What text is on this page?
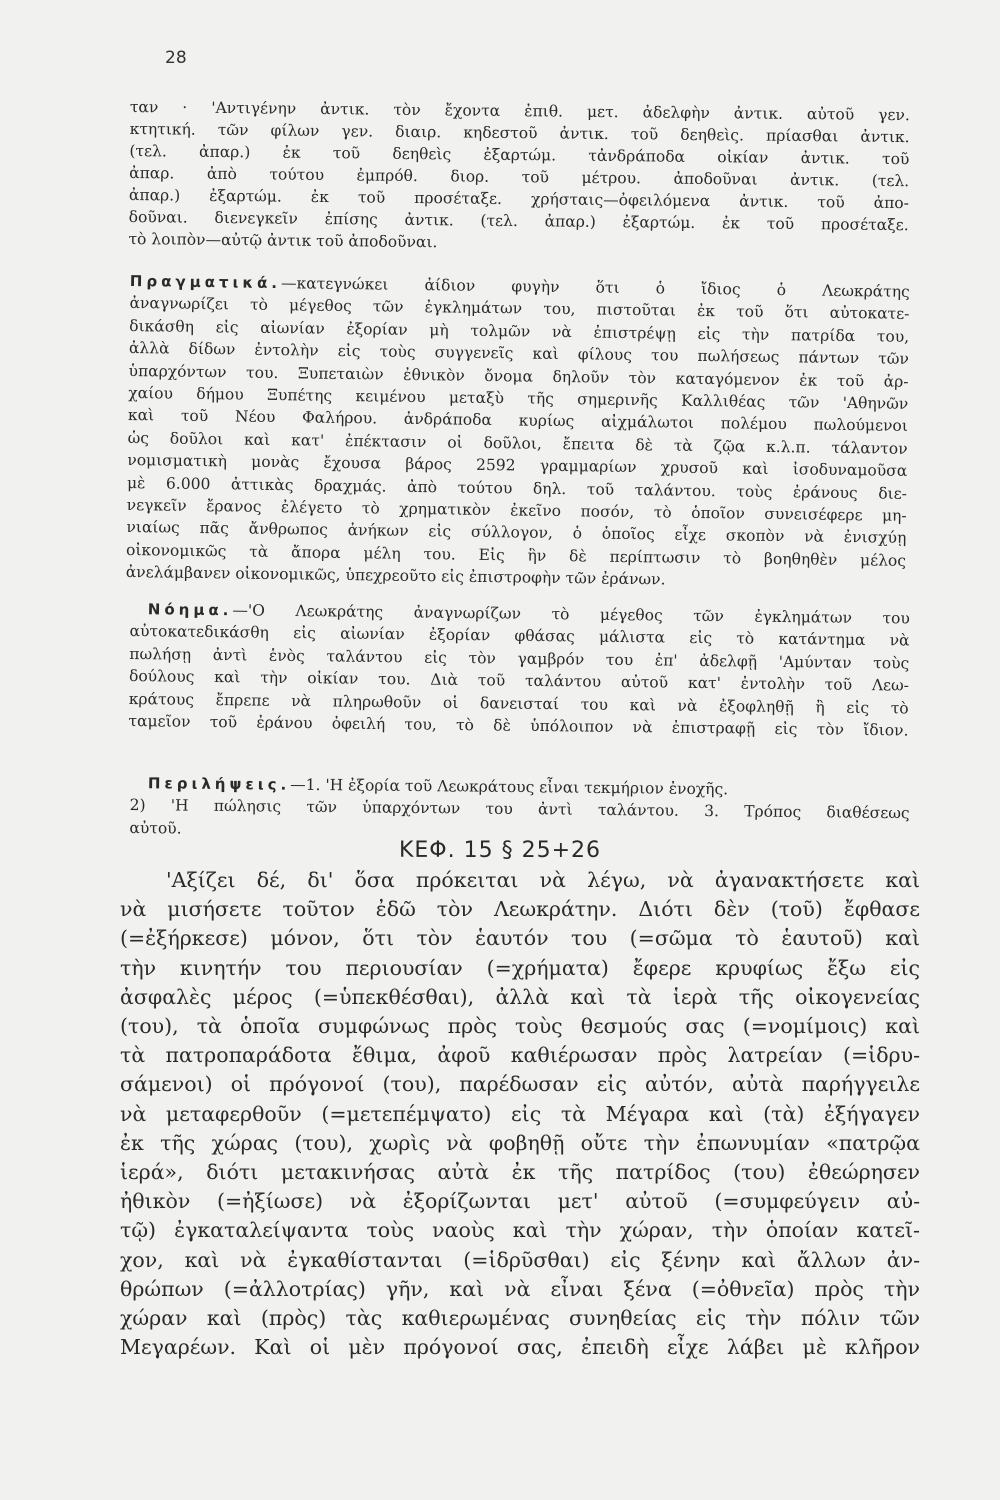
28
ταν · 'Αντιγένην ἀντικ. τὸν ἔχοντα ἐπιθ. μετ. ἀδελφὴν ἀντικ. αὐτοῦ γεν.
κτητική. τῶν φίλων γεν. διαιρ. κηδεστοῦ ἀντικ. τοῦ δεηθεὶς. πρίασθαι ἀντικ.
(τελ. ἀπαρ.) ἐκ τοῦ δεηθεὶς ἐξαρτώμ. τἀνδράποδα οἰκίαν ἀντικ. τοῦ
ἀπαρ. ἀπὸ τούτου ἐμπρόθ. διορ. τοῦ μέτρου. ἀποδοῦναι ἀντικ. (τελ.
ἀπαρ.) ἐξαρτώμ. ἐκ τοῦ προσέταξε. χρήσταις—ὀφειλόμενα ἀντικ. τοῦ ἀπο-
δοῦναι. διενεγκεῖν ἐπίσης ἀντικ. (τελ. ἀπαρ.) ἐξαρτώμ. ἐκ τοῦ προσέταξε.
τὸ λοιπὸν—αὐτῷ ἀντικ τοῦ ἀποδοῦναι.
Πραγματικά.—κατεγνώκει ἀίδιον φυγὴν ὅτι ὁ ἴδιος ὁ Λεωκράτης
ἀναγνωρίζει τὸ μέγεθος τῶν ἐγκλημάτων του, πιστοῦται ἐκ τοῦ ὅτι αὐτοκατε-
δικάσθη εἰς αἰωνίαν ἐξορίαν μὴ τολμῶν νὰ ἐπιστρέψῃ εἰς τὴν πατρίδα του,
ἀλλὰ δίδων ἐντολὴν εἰς τοὺς συγγενεῖς καὶ φίλους του πωλήσεως πάντων τῶν
ὑπαρχόντων του. Ξυπεταιὼν ἐθνικὸν ὄνομα δηλοῦν τὸν καταγόμενον ἐκ τοῦ ἀρ-
χαίου δήμου Ξυπέτης κειμένου μεταξὺ τῆς σημερινῆς Καλλιθέας τῶν 'Αθηνῶν
καὶ τοῦ Νέου Φαλήρου. ἀνδράποδα κυρίως αἰχμάλωτοι πολέμου πωλούμενοι
ὡς δοῦλοι καὶ κατ' ἐπέκτασιν οἱ δοῦλοι, ἔπειτα δὲ τὰ ζῷα κ.λ.π. τάλαντον
νομισματικὴ μονὰς ἔχουσα βάρος 2592 γραμμαρίων χρυσοῦ καὶ ἰσοδυναμοῦσα
μὲ 6.000 ἀττικὰς δραχμάς. ἀπὸ τούτου δηλ. τοῦ ταλάντου. τοὺς ἐράνους διε-
νεγκεῖν ἔρανος ἐλέγετο τὸ χρηματικὸν ἐκεῖνο ποσόν, τὸ ὁποῖον συνεισέφερε μη-
νιαίως πᾶς ἄνθρωπος ἀνήκων εἰς σύλλογον, ὁ ὁποῖος εἶχε σκοπὸν νὰ ἐνισχύῃ
οἰκονομικῶς τὰ ἄπορα μέλη του. Εἰς ἣν δὲ περίπτωσιν τὸ βοηθηθὲν μέλος
ἀνελάμβανεν οἰκονομικῶς, ὑπεχρεοῦτο εἰς ἐπιστροφὴν τῶν ἐράνων.
Νόημα.—'Ο Λεωκράτης ἀναγνωρίζων τὸ μέγεθος τῶν ἐγκλημάτων του
αὐτοκατεδικάσθη εἰς αἰωνίαν ἐξορίαν φθάσας μάλιστα εἰς τὸ κατάντημα νὰ
πωλήσῃ ἀντὶ ἑνὸς ταλάντου εἰς τὸν γαμβρόν του ἐπ' ἀδελφῇ 'Αμύνταν τοὺς
δούλους καὶ τὴν οἰκίαν του. Διὰ τοῦ ταλάντου αὐτοῦ κατ' ἐντολὴν τοῦ Λεω-
κράτους ἔπρεπε νὰ πληρωθοῦν οἱ δανεισταί του καὶ νὰ ἐξοφληθῇ ἢ εἰς τὸ
ταμεῖον τοῦ ἐράνου ὀφειλή του, τὸ δὲ ὑπόλοιπον νὰ ἐπιστραφῇ εἰς τὸν ἴδιον.
Περιλήψεις.—1. 'Η ἐξορία τοῦ Λεωκράτους εἶναι τεκμήριον ἐνοχῆς.
2) 'Η πώλησις τῶν ὑπαρχόντων του ἀντὶ ταλάντου. 3. Τρόπος διαθέσεως
αὐτοῦ.
ΚΕΦ. 15 § 25+26
'Αξίζει δέ, δι' ὅσα πρόκειται νὰ λέγω, νὰ ἀγανακτήσετε καὶ
νὰ μισήσετε τοῦτον ἐδῶ τὸν Λεωκράτην. Διότι δὲν (τοῦ) ἔφθασε
(=ἐξήρκεσε) μόνον, ὅτι τὸν ἑαυτόν του (=σῶμα τὸ ἑαυτοῦ) καὶ
τὴν κινητήν του περιουσίαν (=χρήματα) ἔφερε κρυφίως ἔξω εἰς
ἀσφαλὲς μέρος (=ὑπεκθέσθαι), ἀλλὰ καὶ τὰ ἱερὰ τῆς οἰκογενείας
(του), τὰ ὁποῖα συμφώνως πρὸς τοὺς θεσμούς σας (=νομίμοις) καὶ
τὰ πατροπαράδοτα ἔθιμα, ἀφοῦ καθιέρωσαν πρὸς λατρείαν (=ἱδρυ-
σάμενοι) οἱ πρόγονοί (του), παρέδωσαν εἰς αὐτόν, αὐτὰ παρήγγειλε
νὰ μεταφερθοῦν (=μετεπέμψατο) εἰς τὰ Μέγαρα καὶ (τὰ) ἐξήγαγεν
ἐκ τῆς χώρας (του), χωρὶς νὰ φοβηθῇ οὔτε τὴν ἐπωνυμίαν «πατρῷα
ἱερά», διότι μετακινήσας αὐτὰ ἐκ τῆς πατρίδος (του) ἐθεώρησεν
ἠθικὸν (=ἠξίωσε) νὰ ἐξορίζωνται μετ' αὐτοῦ (=συμφεύγειν αὐ-
τῷ) ἐγκαταλείψαντα τοὺς ναοὺς καὶ τὴν χώραν, τὴν ὁποίαν κατεῖ-
χον, καὶ νὰ ἐγκαθίστανται (=ἱδρῦσθαι) εἰς ξένην καὶ ἄλλων ἀν-
θρώπων (=ἀλλοτρίας) γῆν, καὶ νὰ εἶναι ξένα (=ὀθνεῖα) πρὸς τὴν
χώραν καὶ (πρὸς) τὰς καθιερωμένας συνηθείας εἰς τὴν πόλιν τῶν
Μεγαρέων. Καὶ οἱ μὲν πρόγονοί σας, ἐπειδὴ εἶχε λάβει μὲ κλῆρον
